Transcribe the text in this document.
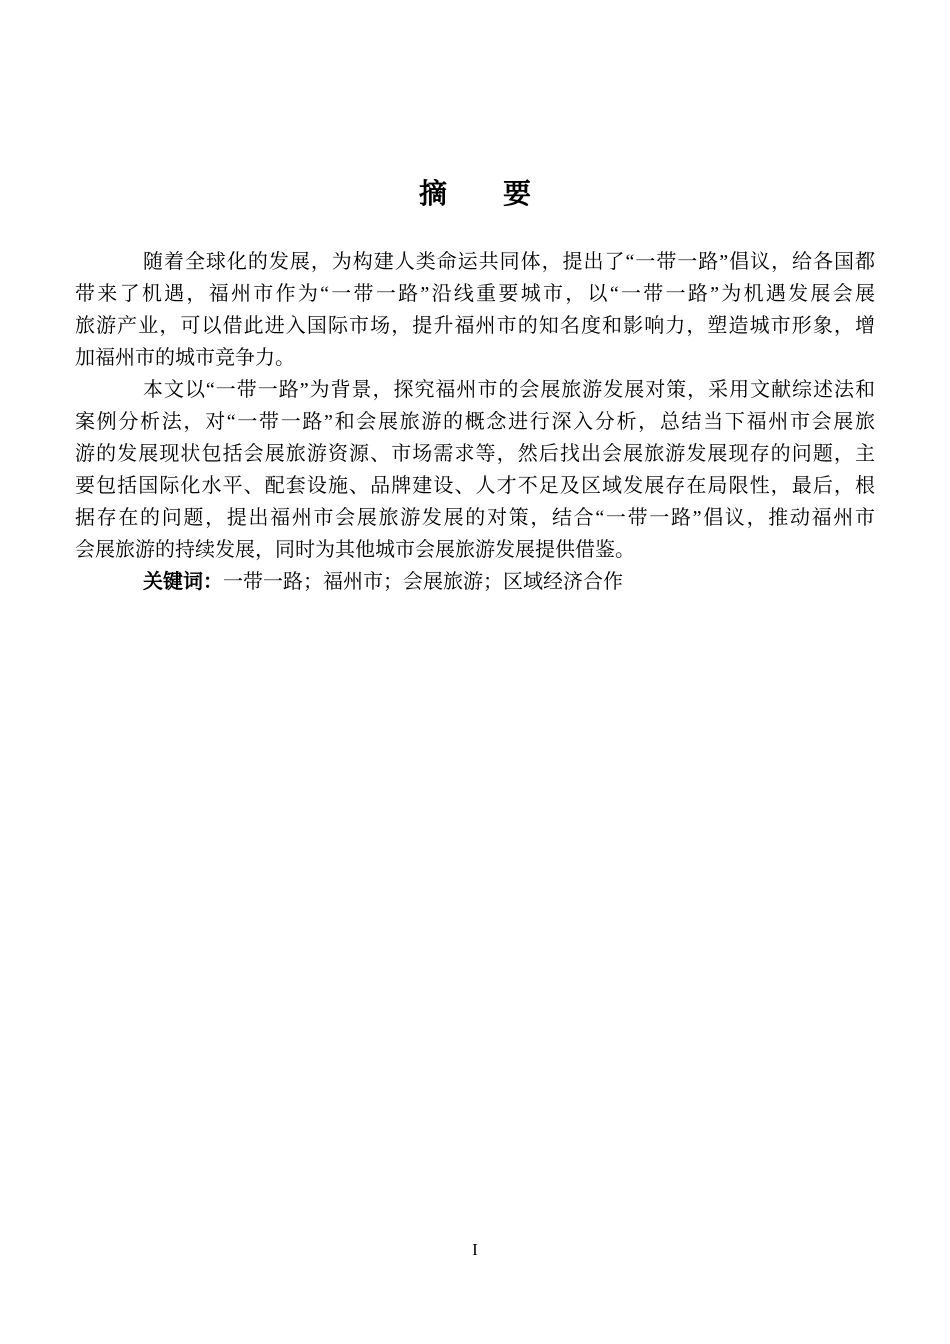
摘　　要
随着全球化的发展，为构建人类命运共同体，提出了“一带一路”倡议，给各国都
带来了机遇，福州市作为“一带一路”沿线重要城市，以“一带一路”为机遇发展会展
旅游产业，可以借此进入国际市场，提升福州市的知名度和影响力，塑造城市形象，增
加福州市的城市竞争力。
本文以“一带一路”为背景，探究福州市的会展旅游发展对策，采用文献综述法和
案例分析法，对“一带一路”和会展旅游的概念进行深入分析，总结当下福州市会展旅
游的发展现状包括会展旅游资源、市场需求等，然后找出会展旅游发展现存的问题，主
要包括国际化水平、配套设施、品牌建设、人才不足及区域发展存在局限性，最后，根
据存在的问题，提出福州市会展旅游发展的对策，结合“一带一路”倡议，推动福州市
会展旅游的持续发展，同时为其他城市会展旅游发展提供借鉴。
关键词：一带一路；福州市；会展旅游；区域经济合作
I
